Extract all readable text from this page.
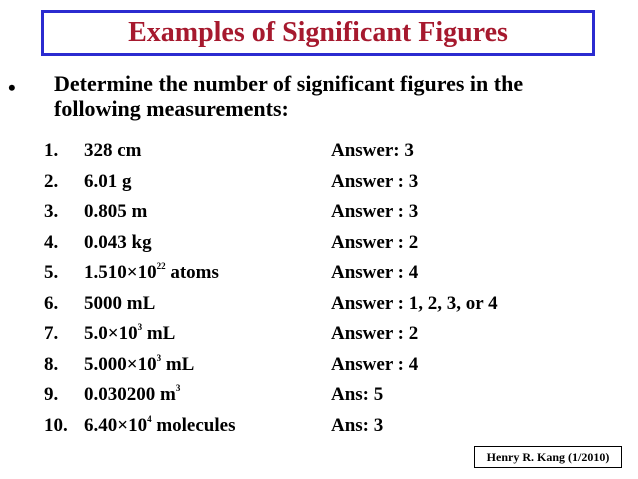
Examples of Significant Figures
• Determine the number of significant figures in the following measurements:
1. 328 cm	Answer: 3
2. 6.01 g	Answer : 3
3. 0.805 m	Answer : 3
4. 0.043 kg	Answer : 2
5. $1.510\times 10^{22}$ atoms	Answer : 4
6. 5000 mL	Answer : 1, 2, 3, or 4
7. $5.0\times 10^3$ mL	Answer : 2
8. $5.000\times 10^3$ mL	Answer : 4
9. 0.030200 $m^3$	Ans: 5
10. $6.40\times 10^4$ molecules	Ans: 3
Henry R. Kang (1/2010)
